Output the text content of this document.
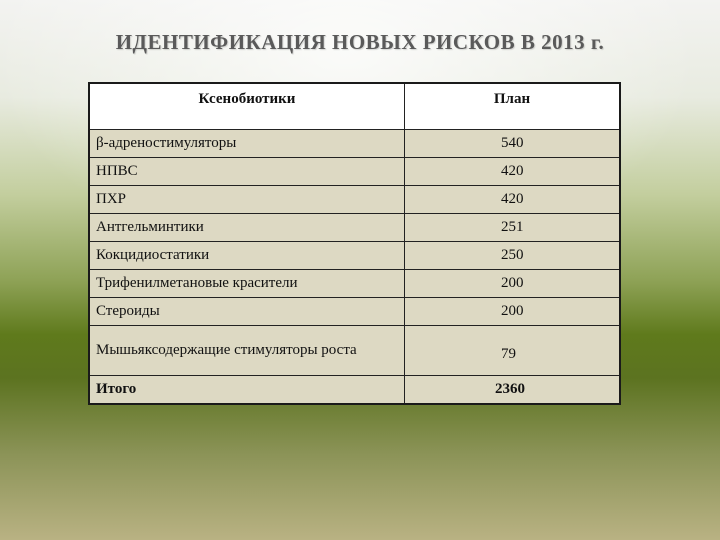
ИДЕНТИФИКАЦИЯ НОВЫХ РИСКОВ В 2013 г.
Ксенобиотики	План
β-адреностимуляторы	540
НПВС	420
ПХР	420
Антгельминтики	251
Кокцидиостатики	250
Трифенилметановые красители	200
Стероиды	200
Мышьяксодержащие стимуляторы роста	79
Итого	2360
